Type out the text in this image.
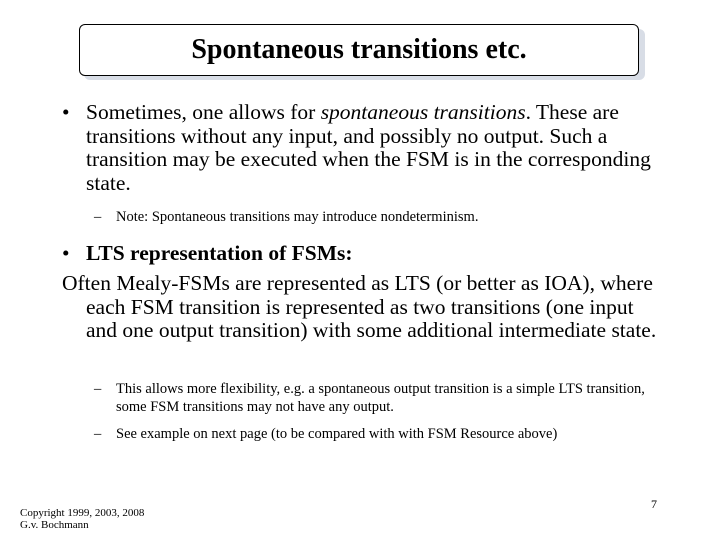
Spontaneous transitions etc.
• Sometimes, one allows for spontaneous transitions. These are transitions without any input, and possibly no output. Such a transition may be executed when the FSM is in the corresponding state.
–	Note: Spontaneous transitions may introduce nondeterminism.
• LTS representation of FSMs:
Often Mealy-FSMs are represented as LTS (or better as IOA), where each FSM transition is represented as two transitions (one input and one output transition) with some additional intermediate state.
–	This allows more flexibility, e.g. a spontaneous output transition is a simple LTS transition, some FSM transitions may not have any output.
–	See example on next page (to be compared with with FSM Resource above)
Copyright 1999, 2003, 2008
G.v. Bochmann
7
